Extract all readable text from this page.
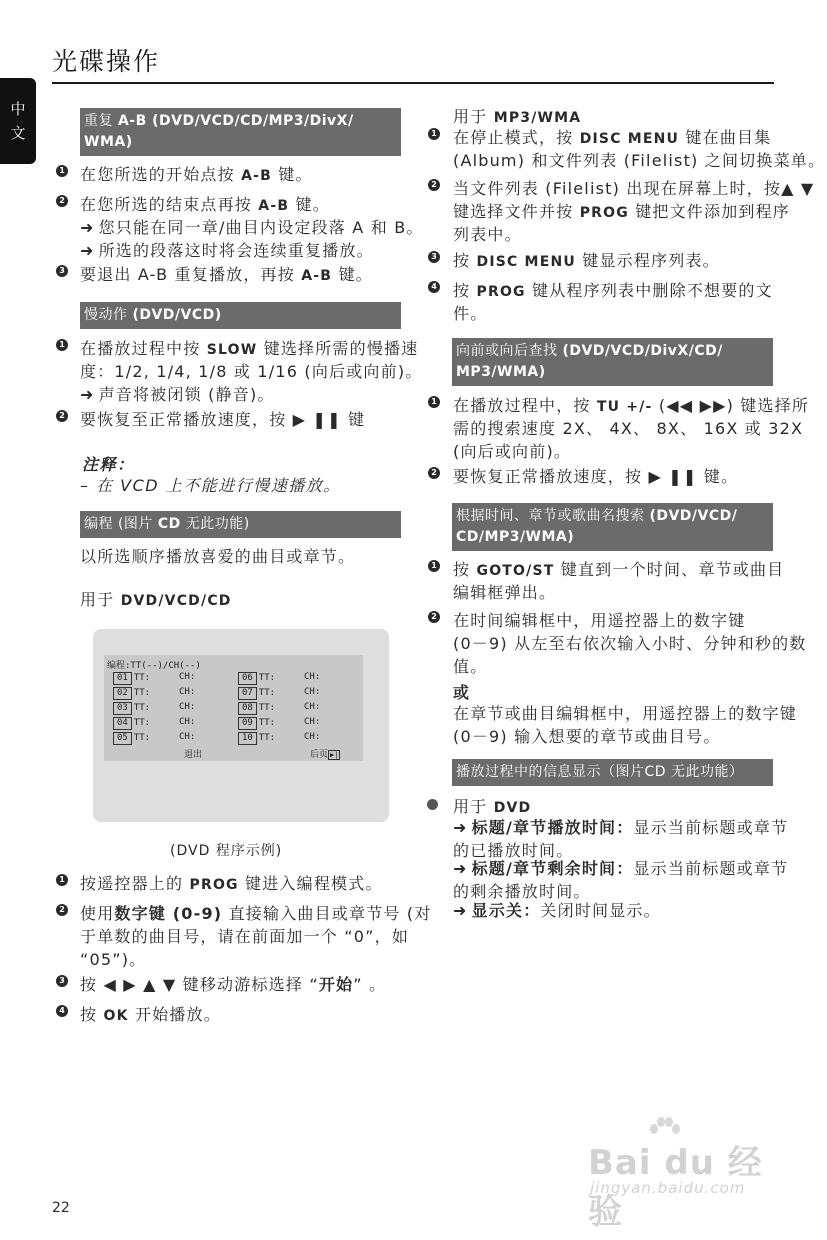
光碟操作
中
文
重复 A-B (DVD/VCD/CD/MP3/DivX/
WMA)
1 在您所选的开始点按 A-B 键。
2 在您所选的结束点再按 A-B 键。
➜ 您只能在同一章/曲目内设定段落 A 和 B。
➜ 所选的段落这时将会连续重复播放。
3 要退出 A-B 重复播放，再按 A-B 键。
慢动作 (DVD/VCD)
1 在播放过程中按 SLOW 键选择所需的慢播速
度：1/2, 1/4, 1/8 或 1/16 (向后或向前)。
➜ 声音将被闭锁 (静音)。
2 要恢复至正常播放速度，按 ▶ ❚❚ 键
注释：
– 在 VCD 上不能进行慢速播放。
编程 (图片 CD 无此功能)
以所选顺序播放喜爱的曲目或章节。
用于 DVD/VCD/CD
编程:TT(--)/CH(--)
01 TT:	CH:
02 TT:	CH:
03 TT:	CH:
04 TT:	CH:
05 TT:	CH:
06 TT:	CH:
07 TT:	CH:
08 TT:	CH:
09 TT:	CH:
10 TT:	CH:
退出	后页 ▶|
(DVD 程序示例)
1 按遥控器上的 PROG 键进入编程模式。
2 使用数字键 (0-9) 直接输入曲目或章节号 (对
于单数的曲目号，请在前面加一个 “0”，如
“05”)。
3 按 ◀ ▶ ▲ ▼ 键移动游标选择 “开始” 。
4 按 OK 开始播放。
用于 MP3/WMA
1 在停止模式，按 DISC MENU 键在曲目集
(Album) 和文件列表 (Filelist) 之间切换菜单。
2 当文件列表 (Filelist) 出现在屏幕上时，按▲ ▼
键选择文件并按 PROG 键把文件添加到程序
列表中。
3 按 DISC MENU 键显示程序列表。
4 按 PROG 键从程序列表中删除不想要的文
件。
向前或向后查找 (DVD/VCD/DivX/CD/
MP3/WMA)
1 在播放过程中，按 TU +/- (◀◀ ▶▶) 键选择所
需的搜索速度 2X、 4X、 8X、 16X 或 32X
(向后或向前)。
2 要恢复正常播放速度，按 ▶ ❚❚ 键。
根据时间、章节或歌曲名搜索 (DVD/VCD/
CD/MP3/WMA)
1 按 GOTO/ST 键直到一个时间、章节或曲目
编辑框弹出。
2 在时间编辑框中，用遥控器上的数字键
(0－9) 从左至右依次输入小时、分钟和秒的数
值。
或
在章节或曲目编辑框中，用遥控器上的数字键
(0－9) 输入想要的章节或曲目号。
播放过程中的信息显示（图片CD 无此功能）
用于 DVD
➜ 标题/章节播放时间：显示当前标题或章节
的已播放时间。
➜ 标题/章节剩余时间：显示当前标题或章节
的剩余播放时间。
➜ 显示关：关闭时间显示。
22
Bai du 经验
jingyan.baidu.com
